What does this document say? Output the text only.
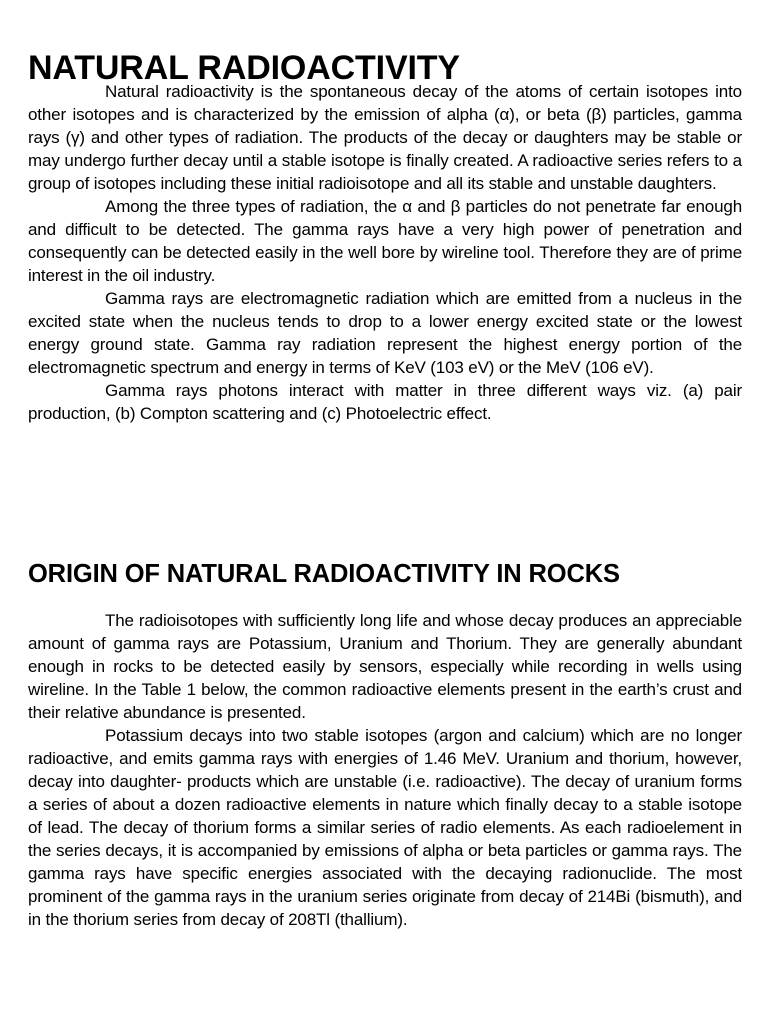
NATURAL RADIOACTIVITY

Natural radioactivity is the spontaneous decay of the atoms of certain isotopes into other isotopes and is characterized by the emission of alpha (α), or beta (β) particles, gamma rays (γ) and other types of radiation. The products of the decay or daughters may be stable or may undergo further decay until a stable isotope is finally created. A radioactive series refers to a group of isotopes including these initial radioisotope and all its stable and unstable daughters.

Among the three types of radiation, the α and β particles do not penetrate far enough and difficult to be detected. The gamma rays have a very high power of penetration and consequently can be detected easily in the well bore by wireline tool. Therefore they are of prime interest in the oil industry.

Gamma rays are electromagnetic radiation which are emitted from a nucleus in the excited state when the nucleus tends to drop to a lower energy excited state or the lowest energy ground state. Gamma ray radiation represent the highest energy portion of the electromagnetic spectrum and energy in terms of KeV (103 eV) or the MeV (106 eV).

Gamma rays photons interact with matter in three different ways viz. (a) pair production, (b) Compton scattering and (c) Photoelectric effect.

ORIGIN OF NATURAL RADIOACTIVITY IN ROCKS

The radioisotopes with sufficiently long life and whose decay produces an appreciable amount of gamma rays are Potassium, Uranium and Thorium. They are generally abundant enough in rocks to be detected easily by sensors, especially while recording in wells using wireline. In the Table 1 below, the common radioactive elements present in the earth’s crust and their relative abundance is presented.

Potassium decays into two stable isotopes (argon and calcium) which are no longer radioactive, and emits gamma rays with energies of 1.46 MeV. Uranium and thorium, however, decay into daughter- products which are unstable (i.e. radioactive). The decay of uranium forms a series of about a dozen radioactive elements in nature which finally decay to a stable isotope of lead. The decay of thorium forms a similar series of radio elements. As each radioelement in the series decays, it is accompanied by emissions of alpha or beta particles or gamma rays. The gamma rays have specific energies associated with the decaying radionuclide. The most prominent of the gamma rays in the uranium series originate from decay of 214Bi (bismuth), and in the thorium series from decay of 208Tl (thallium).
